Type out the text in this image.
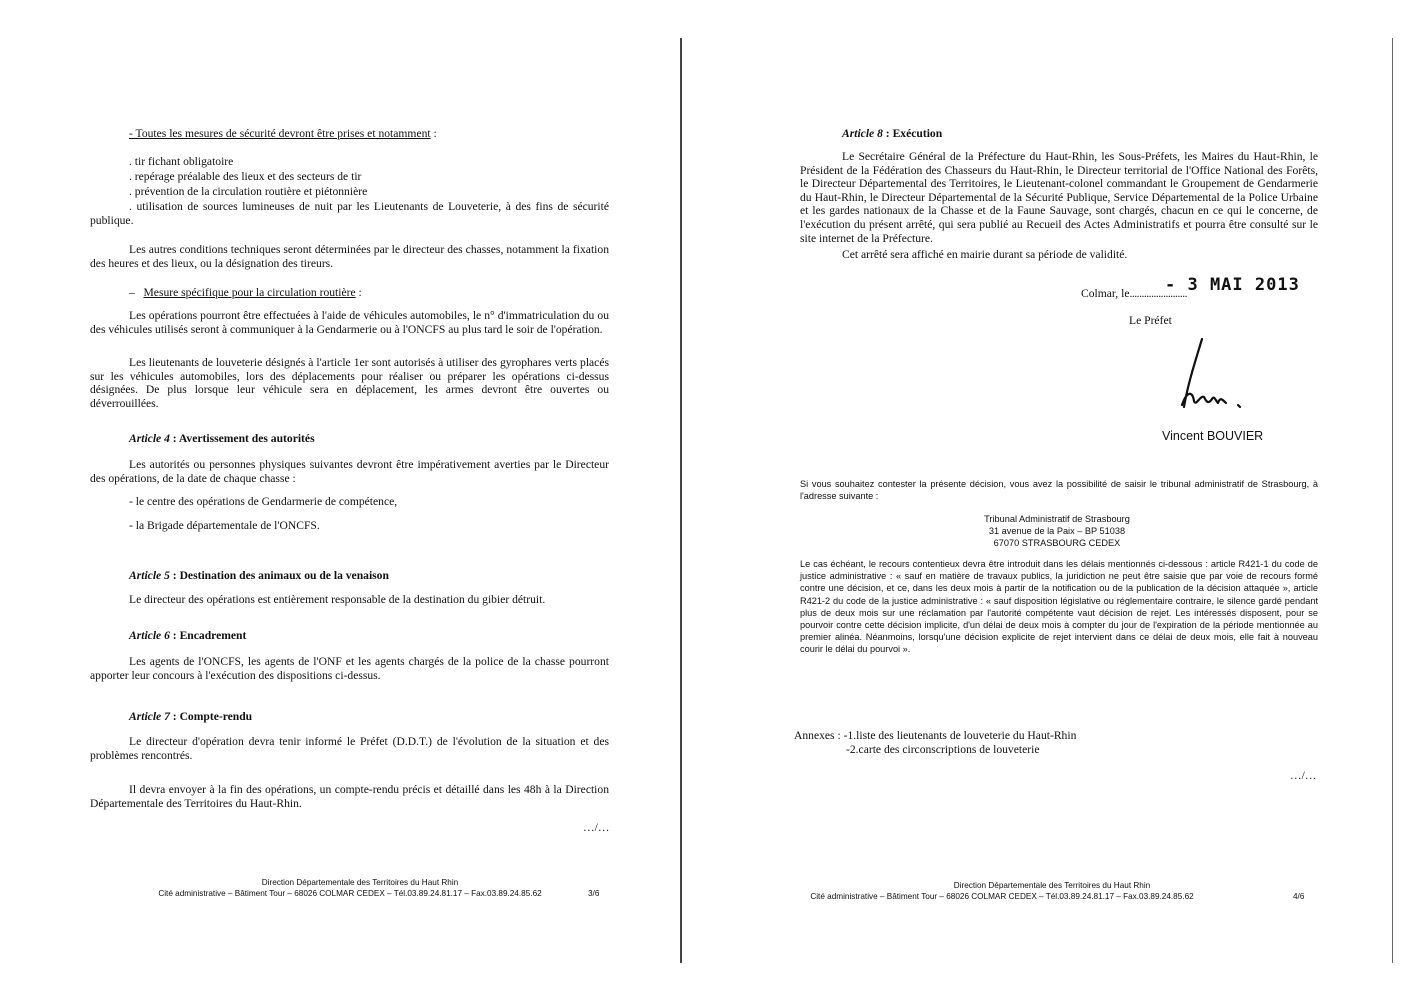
- Toutes les mesures de sécurité devront être prises et notamment :
. tir fichant obligatoire
. repérage préalable des lieux et des secteurs de tir
. prévention de la circulation routière et piétonnière
. utilisation de sources lumineuses de nuit par les Lieutenants de Louveterie, à des fins de sécurité publique.
Les autres conditions techniques seront déterminées par le directeur des chasses, notamment la fixation des heures et des lieux, ou la désignation des tireurs.
– Mesure spécifique pour la circulation routière :
Les opérations pourront être effectuées à l'aide de véhicules automobiles, le n° d'immatriculation du ou des véhicules utilisés seront à communiquer à la Gendarmerie ou à l'ONCFS au plus tard le soir de l'opération.
Les lieutenants de louveterie désignés à l'article 1er sont autorisés à utiliser des gyrophares verts placés sur les véhicules automobiles, lors des déplacements pour réaliser ou préparer les opérations ci-dessus désignées. De plus lorsque leur véhicule sera en déplacement, les armes devront être ouvertes ou déverrouillées.
Article 4 : Avertissement des autorités
Les autorités ou personnes physiques suivantes devront être impérativement averties par le Directeur des opérations, de la date de chaque chasse :
- le centre des opérations de Gendarmerie de compétence,
- la Brigade départementale de l'ONCFS.
Article 5 : Destination des animaux ou de la venaison
Le directeur des opérations est entièrement responsable de la destination du gibier détruit.
Article 6 : Encadrement
Les agents de l'ONCFS, les agents de l'ONF et les agents chargés de la police de la chasse pourront apporter leur concours à l'exécution des dispositions ci-dessus.
Article 7 : Compte-rendu
Le directeur d'opération devra tenir informé le Préfet (D.D.T.) de l'évolution de la situation et des problèmes rencontrés.
Il devra envoyer à la fin des opérations, un compte-rendu précis et détaillé dans les 48h à la Direction Départementale des Territoires du Haut-Rhin.
…/…
Direction Départementale des Territoires du Haut Rhin
Cité administrative – Bâtiment Tour – 68026 COLMAR CEDEX – Tél.03.89.24.81.17 – Fax.03.89.24.85.62	3/6
Article 8 : Exécution
Le Secrétaire Général de la Préfecture du Haut-Rhin, les Sous-Préfets, les Maires du Haut-Rhin, le Président de la Fédération des Chasseurs du Haut-Rhin, le Directeur territorial de l'Office National des Forêts, le Directeur Départemental des Territoires, le Lieutenant-colonel commandant le Groupement de Gendarmerie du Haut-Rhin, le Directeur Départemental de la Sécurité Publique, Service Départemental de la Police Urbaine et les gardes nationaux de la Chasse et de la Faune Sauvage, sont chargés, chacun en ce qui le concerne, de l'exécution du présent arrêté, qui sera publié au Recueil des Actes Administratifs et pourra être consulté sur le site internet de la Préfecture.
Cet arrêté sera affiché en mairie durant sa période de validité.
Colmar, le........................
- 3 MAI 2013
Le Préfet
Vincent BOUVIER
Si vous souhaitez contester la présente décision, vous avez la possibilité de saisir le tribunal administratif de Strasbourg, à l'adresse suivante :
Tribunal Administratif de Strasbourg
31 avenue de la Paix – BP 51038
67070 STRASBOURG CEDEX
Le cas échéant, le recours contentieux devra être introduit dans les délais mentionnés ci-dessous : article R421-1 du code de justice administrative : « sauf en matière de travaux publics, la juridiction ne peut être saisie que par voie de recours formé contre une décision, et ce, dans les deux mois à partir de la notification ou de la publication de la décision attaquée », article R421-2 du code de la justice administrative : « sauf disposition législative ou réglementaire contraire, le silence gardé pendant plus de deux mois sur une réclamation par l'autorité compétente vaut décision de rejet. Les intéressés disposent, pour se pourvoir contre cette décision implicite, d'un délai de deux mois à compter du jour de l'expiration de la période mentionnée au premier alinéa. Néanmoins, lorsqu'une décision explicite de rejet intervient dans ce délai de deux mois, elle fait à nouveau courir le délai du pourvoi ».
Annexes : -1.liste des lieutenants de louveterie du Haut-Rhin
-2.carte des circonscriptions de louveterie
…/…
Direction Départementale des Territoires du Haut Rhin
Cité administrative – Bâtiment Tour – 68026 COLMAR CEDEX – Tél.03.89.24.81.17 – Fax.03.89.24.85.62	4/6
